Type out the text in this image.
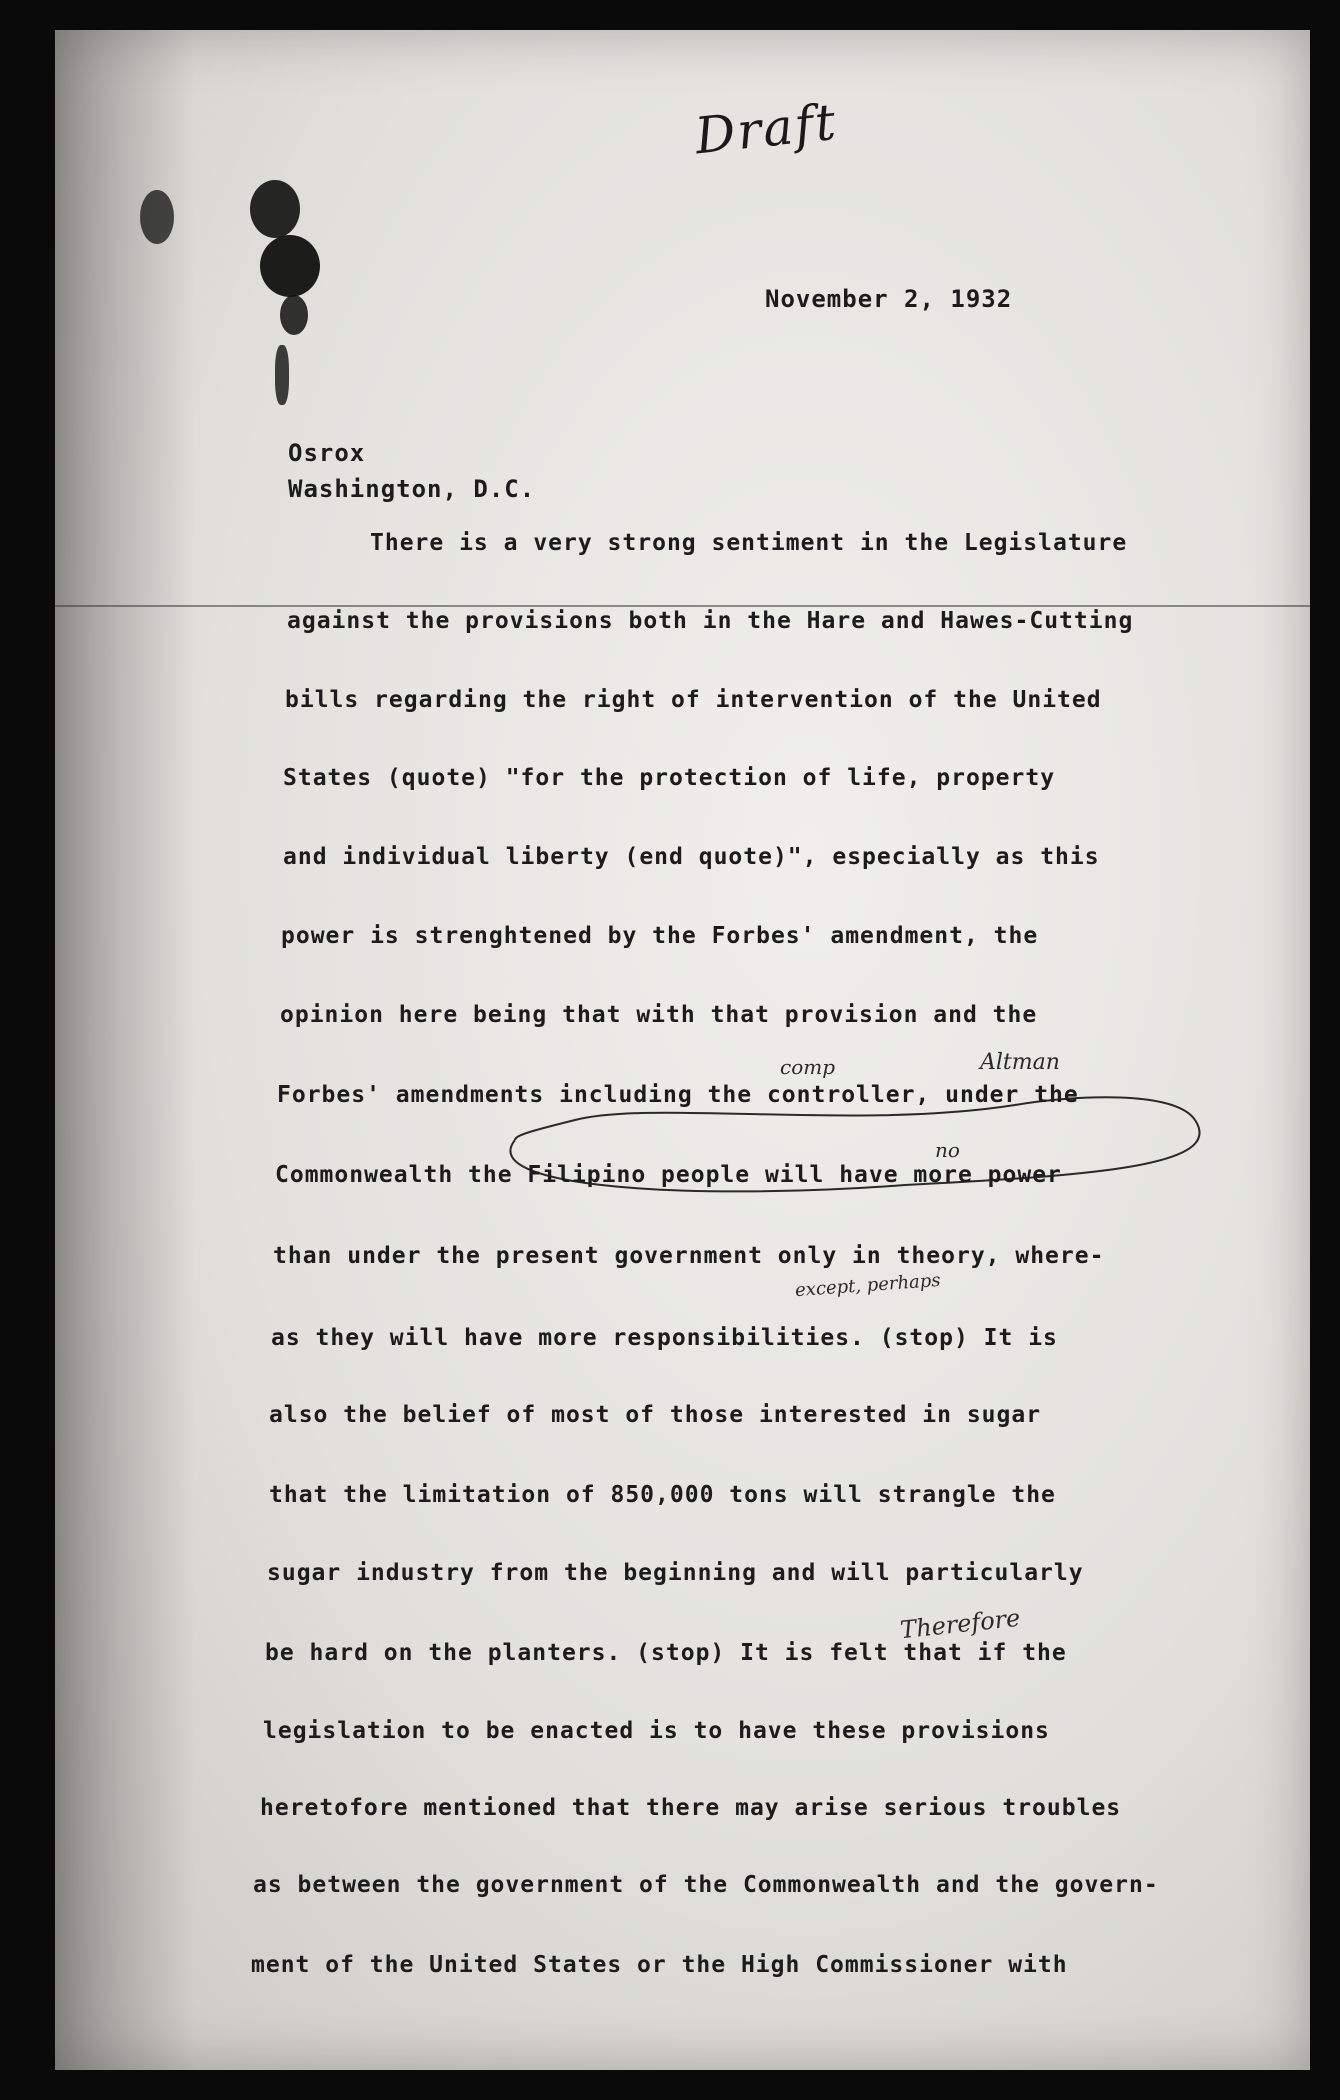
Draft
November 2, 1932
Osrox
Washington, D.C.
There is a very strong sentiment in the Legislature
against the provisions both in the Hare and Hawes-Cutting
bills regarding the right of intervention of the United
States (quote) "for the protection of life, property
and individual liberty (end quote)", especially as this
power is strenghtened by the Forbes' amendment, the
opinion here being that with that provision and the
Forbes' amendments including the controller, under the
Commonwealth the Filipino people will have more power
than under the present government only in theory, where-
as they will have more responsibilities. (stop) It is
also the belief of most of those interested in sugar
that the limitation of 850,000 tons will strangle the
sugar industry from the beginning and will particularly
be hard on the planters. (stop) It is felt that if the
legislation to be enacted is to have these provisions
heretofore mentioned that there may arise serious troubles
as between the government of the Commonwealth and the govern-
ment of the United States or the High Commissioner with
comp	Altman
no
except, perhaps
Therefore
